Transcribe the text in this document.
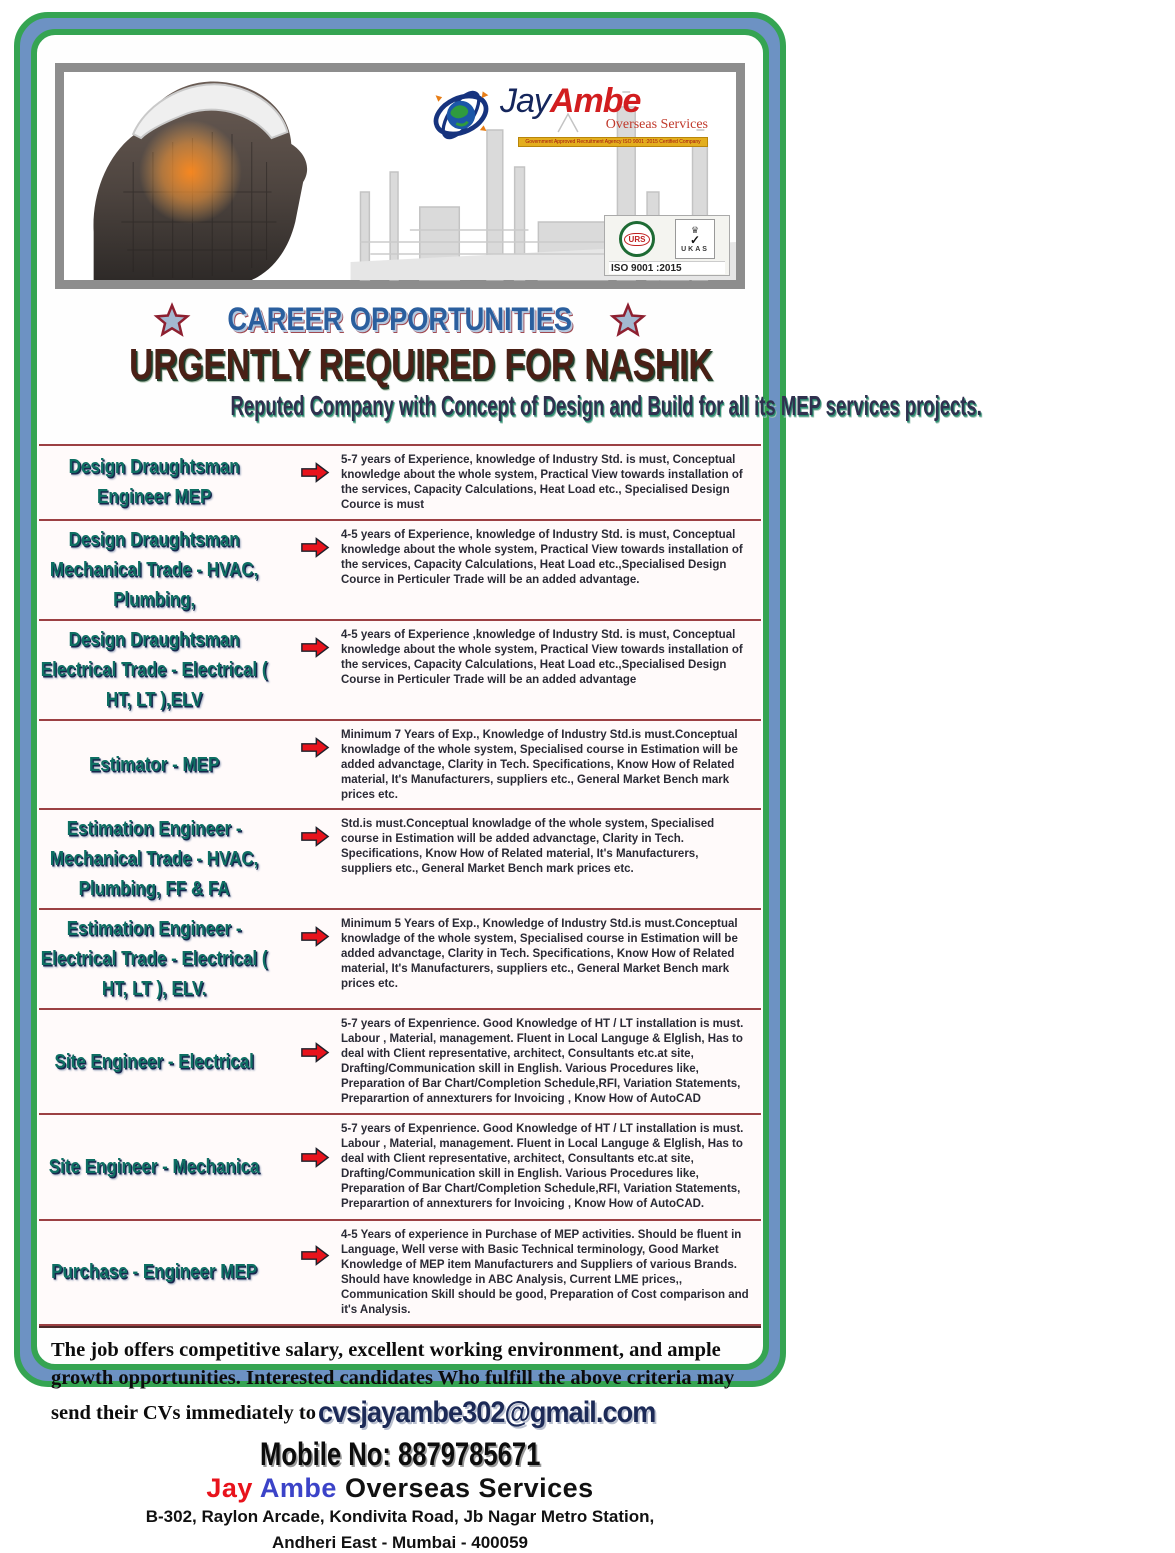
JayAmbe
Overseas Services
Government Approved Recruitment Agency ISO 9001 :2015 Certified Company
URS
♛
✓
UKAS
ISO 9001 :2015
CAREER OPPORTUNITIES
URGENTLY REQUIRED FOR NASHIK
Reputed Company with Concept of Design and Build for all its MEP services projects.
Design Draughtsman Engineer MEP
5-7 years of Experience, knowledge of Industry Std. is must, Conceptual knowledge about the whole system, Practical View towards installation of the services, Capacity Calculations, Heat Load etc., Specialised Design Cource is must
Design Draughtsman Mechanical Trade - HVAC, Plumbing,
4-5 years of Experience, knowledge of Industry Std. is must, Conceptual knowledge about the whole system, Practical View towards installation of the services, Capacity Calculations, Heat Load etc.,Specialised Design Cource in Perticuler Trade will be an added advantage.
Design Draughtsman Electrical Trade - Electrical ( HT, LT ),ELV
4-5 years of Experience ,knowledge of Industry Std. is must, Conceptual knowledge about the whole system, Practical View towards installation of the services, Capacity Calculations, Heat Load etc.,Specialised Design Course in Perticuler Trade will be an added advantage
Estimator - MEP
Minimum 7 Years of Exp., Knowledge of Industry Std.is must.Conceptual knowladge of the whole system, Specialised course in Estimation will be added advanctage, Clarity in Tech. Specifications, Know How of Related material, It's Manufacturers, suppliers etc., General Market Bench mark prices etc.
Estimation Engineer - Mechanical Trade - HVAC, Plumbing, FF & FA
Std.is must.Conceptual knowladge of the whole system, Specialised course in Estimation will be added advanctage, Clarity in Tech. Specifications, Know How of Related material, It's Manufacturers, suppliers etc., General Market Bench mark prices etc.
Estimation Engineer - Electrical Trade - Electrical ( HT, LT ), ELV.
Minimum 5 Years of Exp., Knowledge of Industry Std.is must.Conceptual knowladge of the whole system, Specialised course in Estimation will be added advanctage, Clarity in Tech. Specifications, Know How of Related material, It's Manufacturers, suppliers etc., General Market Bench mark prices etc.
Site Engineer - Electrical
5-7 years of Expenrience. Good Knowledge of HT / LT installation is must. Labour , Material, management. Fluent in Local Languge & Elglish, Has to deal with Client representative, architect, Consultants etc.at site, Drafting/Communication skill in English. Various Procedures like, Preparation of Bar Chart/Completion Schedule,RFI, Variation Statements, Preparartion of annexturers for Invoicing , Know How of AutoCAD
Site Engineer - Mechanica
5-7 years of Expenrience. Good Knowledge of HT / LT installation is must. Labour , Material, management. Fluent in Local Languge & Elglish, Has to deal with Client representative, architect, Consultants etc.at site, Drafting/Communication skill in English. Various Procedures like, Preparation of Bar Chart/Completion Schedule,RFI, Variation Statements, Preparartion of annexturers for Invoicing , Know How of AutoCAD.
Purchase - Engineer MEP
4-5 Years of experience in Purchase of MEP activities. Should be fluent in Language, Well verse with Basic Technical terminology, Good Market Knowledge of MEP item Manufacturers and Suppliers of various Brands. Should have knowledge in ABC Analysis, Current LME prices,, Communication Skill should be good, Preparation of Cost comparison and it's Analysis.
The job offers competitive salary, excellent working environment, and ample growth opportunities. Interested candidates Who fulfill the above criteria may send their CVs immediately tocvsjayambe302@gmail.com
Mobile No: 8879785671
Jay Ambe Overseas Services
B-302, Raylon Arcade, Kondivita Road, Jb Nagar Metro Station,
Andheri East - Mumbai - 400059
